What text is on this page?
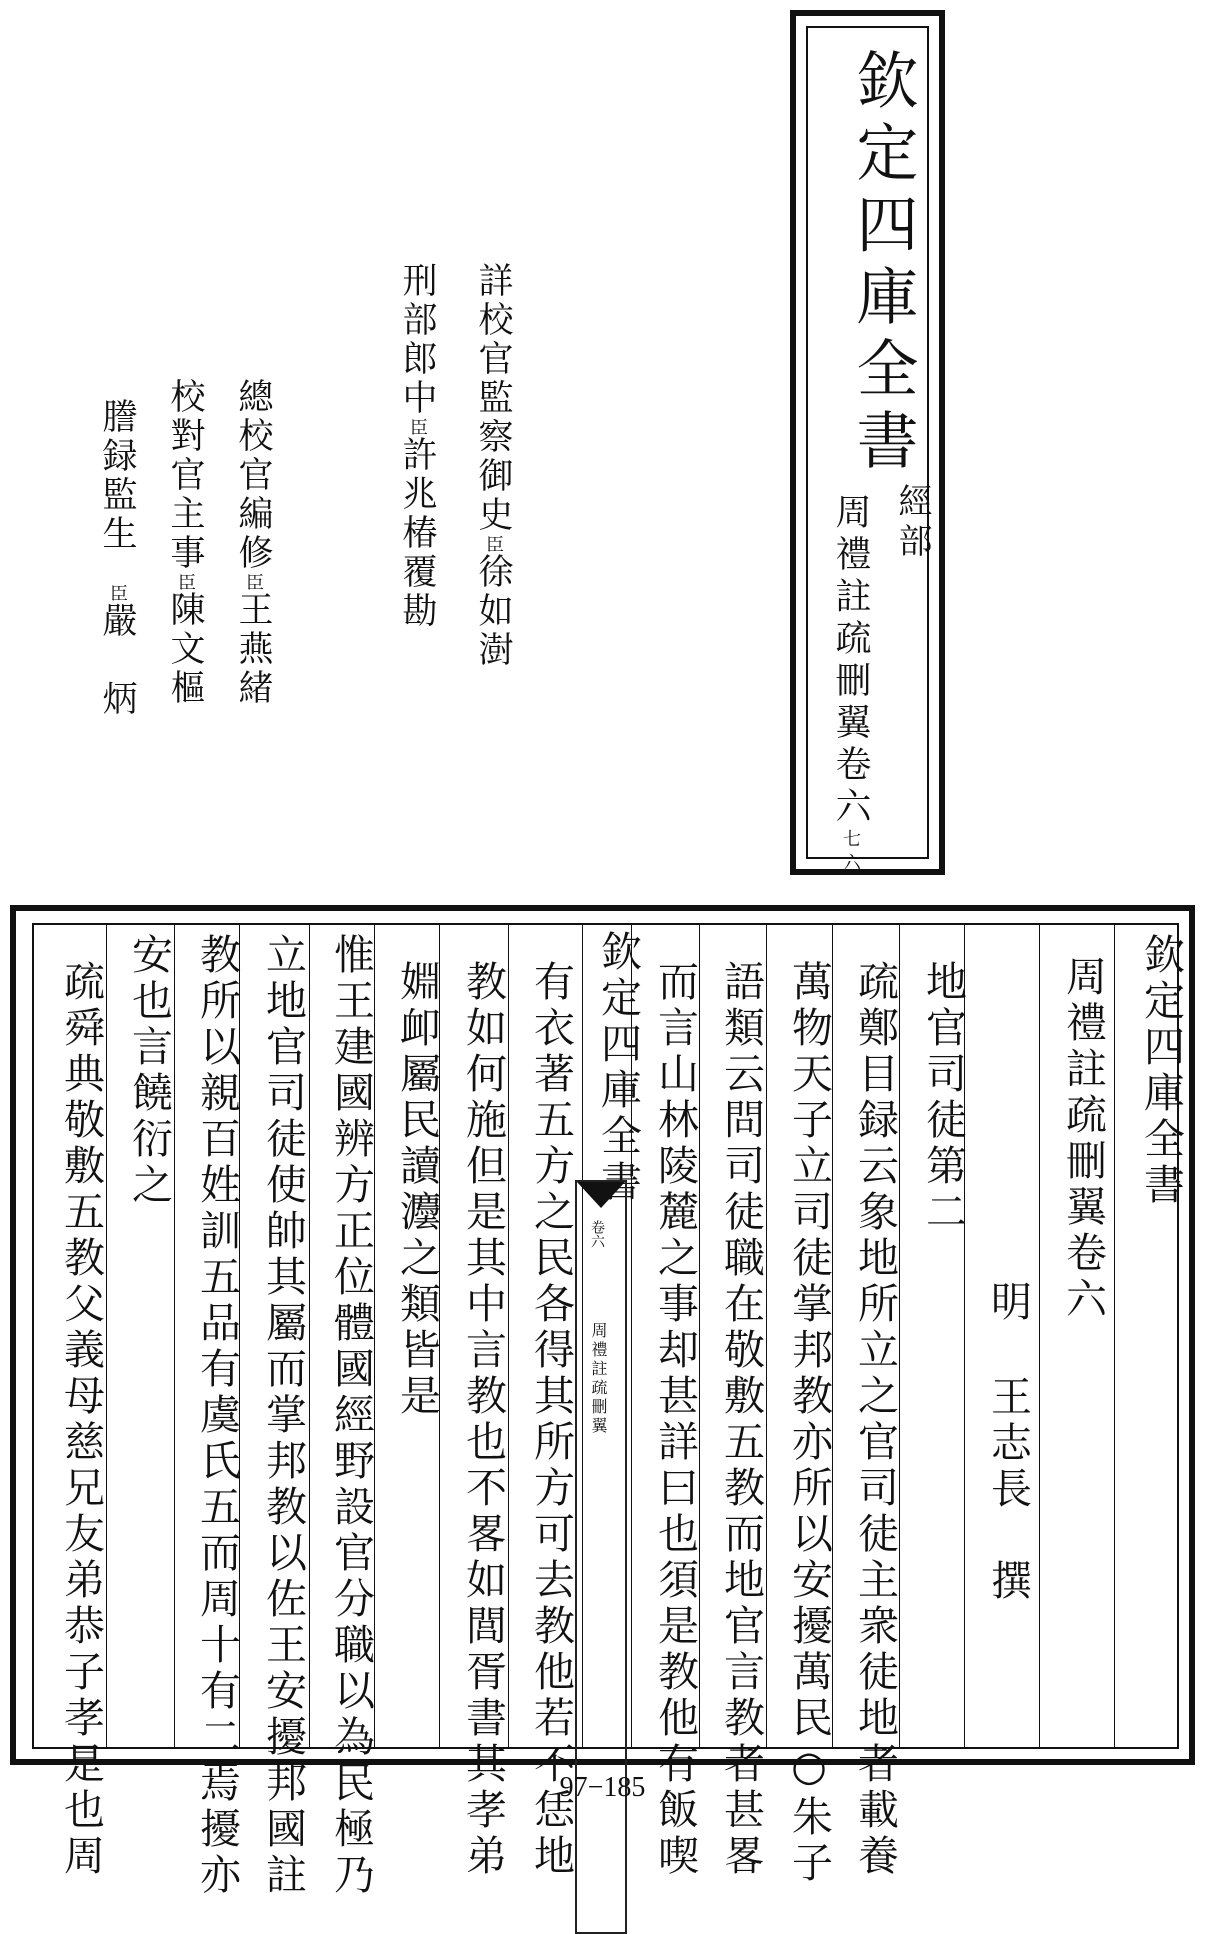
欽定四庫全書
經部
周禮註疏刪翼卷六七六
詳校官監察御史臣徐如澍
刑部郎中臣許兆椿覆勘
總校官編修臣王燕緒
校對官主事臣陳文樞
謄録監生臣嚴　炳
欽定四庫全書
周禮註疏刪翼卷六
明
王志長　撰
地官司徒第二
疏鄭目録云象地所立之官司徒主衆徒地者載養
萬物天子立司徒掌邦教亦所以安擾萬民○朱子
語類云問司徒職在敬敷五教而地官言教者甚畧
而言山林陵麓之事却甚詳曰也須是教他有飯喫
欽定四庫全書
周禮註疏刪翼
卷六
有衣著五方之民各得其所方可去教他若不恁地
教如何施但是其中言教也不畧如閭胥書其孝弟
婣卹屬民讀灋之類皆是
惟王建國辨方正位體國經野設官分職以為民極乃
立地官司徒使帥其屬而掌邦教以佐王安擾邦國註
教所以親百姓訓五品有虞氏五而周十有二焉擾亦
安也言饒衍之
疏舜典敬敷五教父義母慈兄友弟恭子孝是也周	97−185
